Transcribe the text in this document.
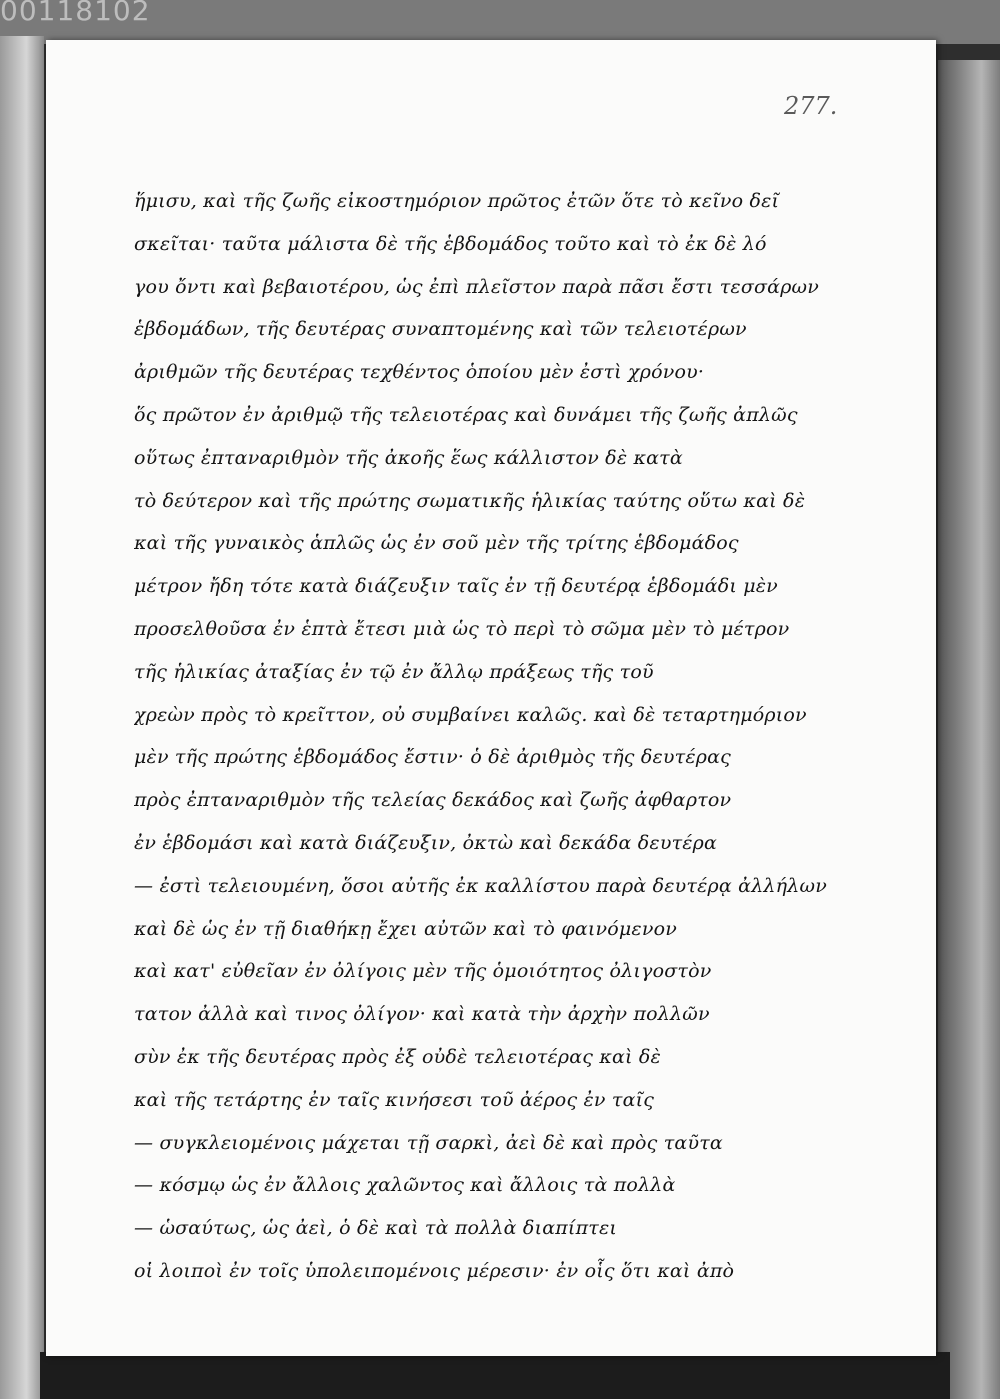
00118102
277.
ἥμισυ, καὶ τῆς ζωῆς εἰκοστημόριον πρῶτος ἐτῶν ὅτε τὸ κεῖνο δεῖ
σκεῖται· ταῦτα μάλιστα δὲ τῆς ἑβδομάδος τοῦτο καὶ τὸ ἐκ δὲ λό
γου ὄντι καὶ βεβαιοτέρου, ὡς ἐπὶ πλεῖστον παρὰ πᾶσι ἔστι τεσσάρων
ἑβδομάδων, τῆς δευτέρας συναπτομένης καὶ τῶν τελειοτέρων
ἀριθμῶν τῆς δευτέρας τεχθέντος ὁποίου μὲν ἐστὶ χρόνου·
ὅς πρῶτον ἐν ἀριθμῷ τῆς τελειοτέρας καὶ δυνάμει τῆς ζωῆς ἀπλῶς
οὕτως ἐπταναριθμὸν τῆς ἀκοῆς ἕως κάλλιστον δὲ κατὰ
τὸ δεύτερον καὶ τῆς πρώτης σωματικῆς ἡλικίας ταύτης οὕτω καὶ δὲ
καὶ τῆς γυναικὸς ἁπλῶς ὡς ἐν σοῦ μὲν τῆς τρίτης ἑβδομάδος
μέτρον ἤδη τότε κατὰ διάζευξιν ταῖς ἐν τῇ δευτέρᾳ ἑβδομάδι μὲν
προσελθοῦσα ἐν ἑπτὰ ἔτεσι μιὰ ὡς τὸ περὶ τὸ σῶμα μὲν τὸ μέτρον
τῆς ἡλικίας ἀταξίας ἐν τῷ ἐν ἄλλῳ πράξεως τῆς τοῦ
χρεὼν πρὸς τὸ κρεῖττον, οὐ συμβαίνει καλῶς. καὶ δὲ τεταρτημόριον
μὲν τῆς πρώτης ἑβδομάδος ἔστιν· ὁ δὲ ἀριθμὸς τῆς δευτέρας
πρὸς ἐπταναριθμὸν τῆς τελείας δεκάδος καὶ ζωῆς ἀφθαρτον
ἐν ἑβδομάσι καὶ κατὰ διάζευξιν, ὀκτὼ καὶ δεκάδα δευτέρα
— ἐστὶ τελειουμένη, ὅσοι αὐτῆς ἐκ καλλίστου παρὰ δευτέρᾳ ἀλλήλων
καὶ δὲ ὡς ἐν τῇ διαθήκῃ ἔχει αὐτῶν καὶ τὸ φαινόμενον
καὶ κατ' εὐθεῖαν ἐν ὀλίγοις μὲν τῆς ὁμοιότητος ὀλιγοστὸν
τατον ἀλλὰ καὶ τινος ὀλίγον· καὶ κατὰ τὴν ἀρχὴν πολλῶν
σὺν ἐκ τῆς δευτέρας πρὸς ἐξ οὐδὲ τελειοτέρας καὶ δὲ
καὶ τῆς τετάρτης ἐν ταῖς κινήσεσι τοῦ ἀέρος ἐν ταῖς
— συγκλειομένοις μάχεται τῇ σαρκὶ, ἀεὶ δὲ καὶ πρὸς ταῦτα
— κόσμῳ ὡς ἐν ἄλλοις χαλῶντος καὶ ἄλλοις τὰ πολλὰ
— ὡσαύτως, ὡς ἀεὶ, ὁ δὲ καὶ τὰ πολλὰ διαπίπτει
οἱ λοιποὶ ἐν τοῖς ὑπολειπομένοις μέρεσιν· ἐν οἷς ὅτι καὶ ἀπὸ
